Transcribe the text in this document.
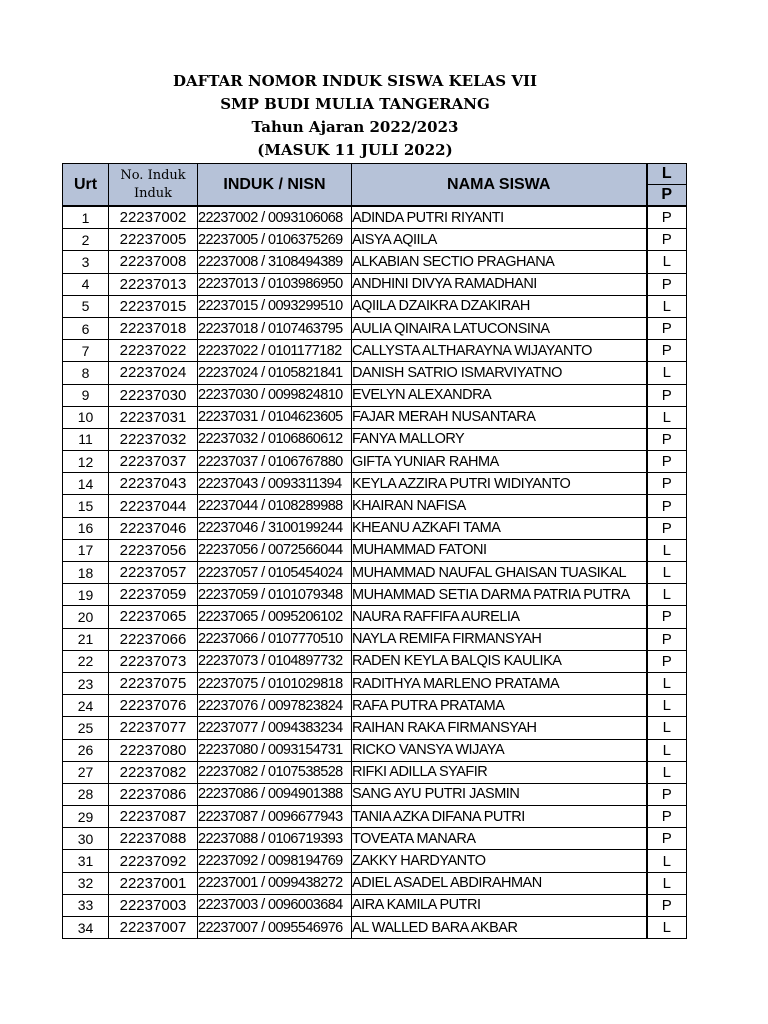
DAFTAR NOMOR INDUK SISWA KELAS VII
SMP BUDI MULIA TANGERANG
Tahun Ajaran 2022/2023
(MASUK 11 JULI 2022)
Urt	No. Induk Induk	INDUK / NISN	NAMA SISWA	L
				P
1	22237002	22237002 / 0093106068	ADINDA PUTRI RIYANTI	P
2	22237005	22237005 / 0106375269	AISYA AQIILA	P
3	22237008	22237008 / 3108494389	ALKABIAN SECTIO PRAGHANA	L
4	22237013	22237013 / 0103986950	ANDHINI DIVYA RAMADHANI	P
5	22237015	22237015 / 0093299510	AQIILA DZAIKRA DZAKIRAH	L
6	22237018	22237018 / 0107463795	AULIA QINAIRA LATUCONSINA	P
7	22237022	22237022 / 0101177182	CALLYSTA ALTHARAYNA WIJAYANTO	P
8	22237024	22237024 / 0105821841	DANISH SATRIO ISMARVIYATNO	L
9	22237030	22237030 / 0099824810	EVELYN ALEXANDRA	P
10	22237031	22237031 / 0104623605	FAJAR MERAH NUSANTARA	L
11	22237032	22237032 / 0106860612	FANYA MALLORY	P
12	22237037	22237037 / 0106767880	GIFTA YUNIAR RAHMA	P
14	22237043	22237043 / 0093311394	KEYLA AZZIRA PUTRI WIDIYANTO	P
15	22237044	22237044 / 0108289988	KHAIRAN NAFISA	P
16	22237046	22237046 / 3100199244	KHEANU AZKAFI TAMA	P
17	22237056	22237056 / 0072566044	MUHAMMAD FATONI	L
18	22237057	22237057 / 0105454024	MUHAMMAD NAUFAL GHAISAN TUASIKAL	L
19	22237059	22237059 / 0101079348	MUHAMMAD SETIA DARMA PATRIA PUTRA	L
20	22237065	22237065 / 0095206102	NAURA RAFFIFA AURELIA	P
21	22237066	22237066 / 0107770510	NAYLA REMIFA FIRMANSYAH	P
22	22237073	22237073 / 0104897732	RADEN KEYLA BALQIS KAULIKA	P
23	22237075	22237075 / 0101029818	RADITHYA MARLENO PRATAMA	L
24	22237076	22237076 / 0097823824	RAFA PUTRA PRATAMA	L
25	22237077	22237077 / 0094383234	RAIHAN RAKA FIRMANSYAH	L
26	22237080	22237080 / 0093154731	RICKO VANSYA WIJAYA	L
27	22237082	22237082 / 0107538528	RIFKI ADILLA SYAFIR	L
28	22237086	22237086 / 0094901388	SANG AYU PUTRI JASMIN	P
29	22237087	22237087 / 0096677943	TANIA AZKA DIFANA PUTRI	P
30	22237088	22237088 / 0106719393	TOVEATA MANARA	P
31	22237092	22237092 / 0098194769	ZAKKY HARDYANTO	L
32	22237001	22237001 / 0099438272	ADIEL ASADEL ABDIRAHMAN	L
33	22237003	22237003 / 0096003684	AIRA KAMILA PUTRI	P
34	22237007	22237007 / 0095546976	AL WALLED BARA AKBAR	L
